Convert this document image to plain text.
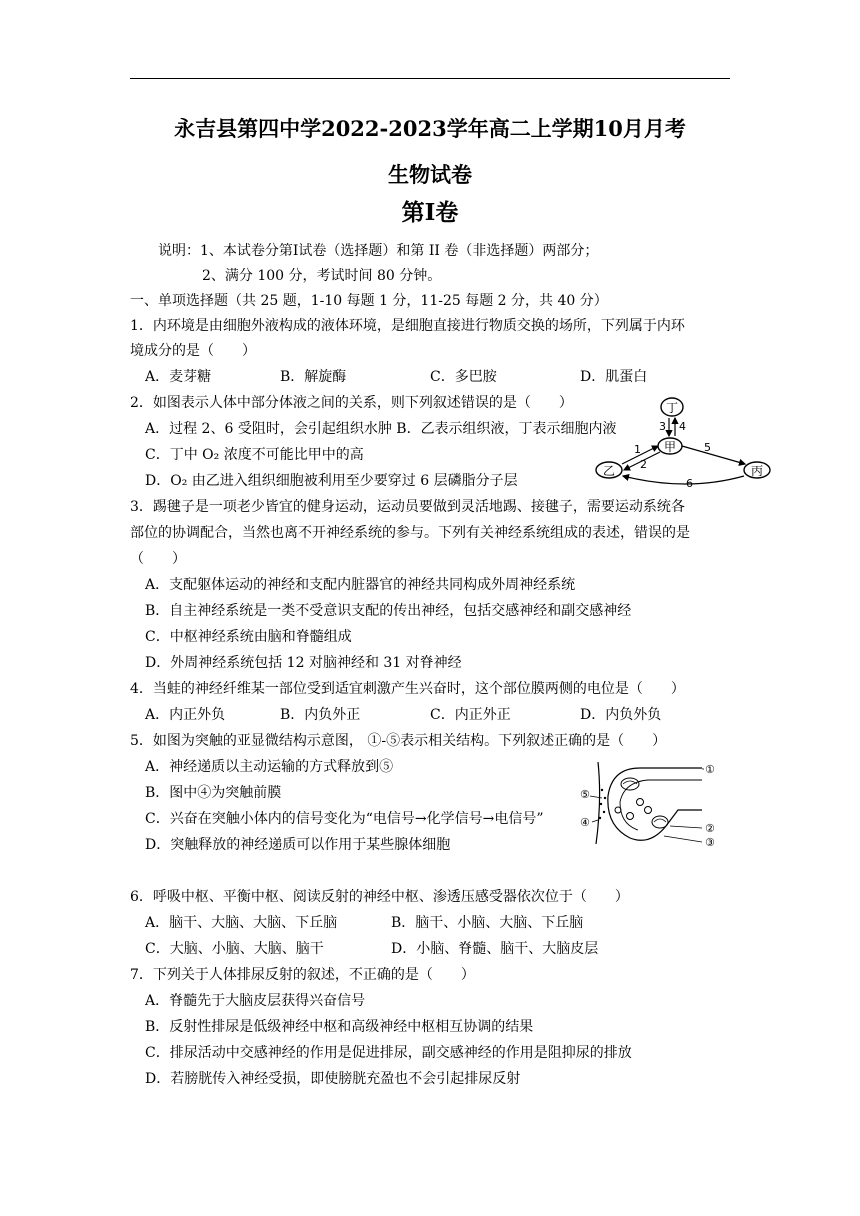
永吉县第四中学2022-2023学年高二上学期10月月考
生物试卷
第Ⅰ卷
说明：1、本试卷分第Ⅰ试卷（选择题）和第 II 卷（非选择题）两部分；
2、满分 100 分，考试时间 80 分钟。
一、单项选择题（共 25 题，1-10 每题 1 分，11-25 每题 2 分，共 40 分）
1．内环境是由细胞外液构成的液体环境，是细胞直接进行物质交换的场所，下列属于内环
境成分的是（　　）
A．麦芽糖	B．解旋酶	C．多巴胺	D．肌蛋白
2．如图表示人体中部分体液之间的关系，则下列叙述错误的是（　　）
A．过程 2、6 受阻时，会引起组织水肿 B．乙表示组织液，丁表示细胞内液
C．丁中 O₂ 浓度不可能比甲中的高
D．O₂ 由乙进入组织细胞被利用至少要穿过 6 层磷脂分子层
丁
甲
乙	丙
3 4
1
2
5
6
3．踢毽子是一项老少皆宜的健身运动，运动员要做到灵活地踢、接毽子，需要运动系统各
部位的协调配合，当然也离不开神经系统的参与。下列有关神经系统组成的表述，错误的是
（　　）
A．支配躯体运动的神经和支配内脏器官的神经共同构成外周神经系统
B．自主神经系统是一类不受意识支配的传出神经，包括交感神经和副交感神经
C．中枢神经系统由脑和脊髓组成
D．外周神经系统包括 12 对脑神经和 31 对脊神经
4．当蛙的神经纤维某一部位受到适宜刺激产生兴奋时，这个部位膜两侧的电位是（　　）
A．内正外负	B．内负外正	C．内正外正	D．内负外负
5．如图为突触的亚显微结构示意图， ①-⑤表示相关结构。下列叙述正确的是（　　）
A．神经递质以主动运输的方式释放到⑤
B．图中④为突触前膜
C．兴奋在突触小体内的信号变化为“电信号→化学信号→电信号”
D．突触释放的神经递质可以作用于某些腺体细胞
①
②
③
④
⑤
6．呼吸中枢、平衡中枢、阅读反射的神经中枢、渗透压感受器依次位于（　　）
A．脑干、大脑、大脑、下丘脑	B．脑干、小脑、大脑、下丘脑
C．大脑、小脑、大脑、脑干	D．小脑、脊髓、脑干、大脑皮层
7．下列关于人体排尿反射的叙述，不正确的是（　　）
A．脊髓先于大脑皮层获得兴奋信号
B．反射性排尿是低级神经中枢和高级神经中枢相互协调的结果
C．排尿活动中交感神经的作用是促进排尿，副交感神经的作用是阻抑尿的排放
D．若膀胱传入神经受损，即使膀胱充盈也不会引起排尿反射
